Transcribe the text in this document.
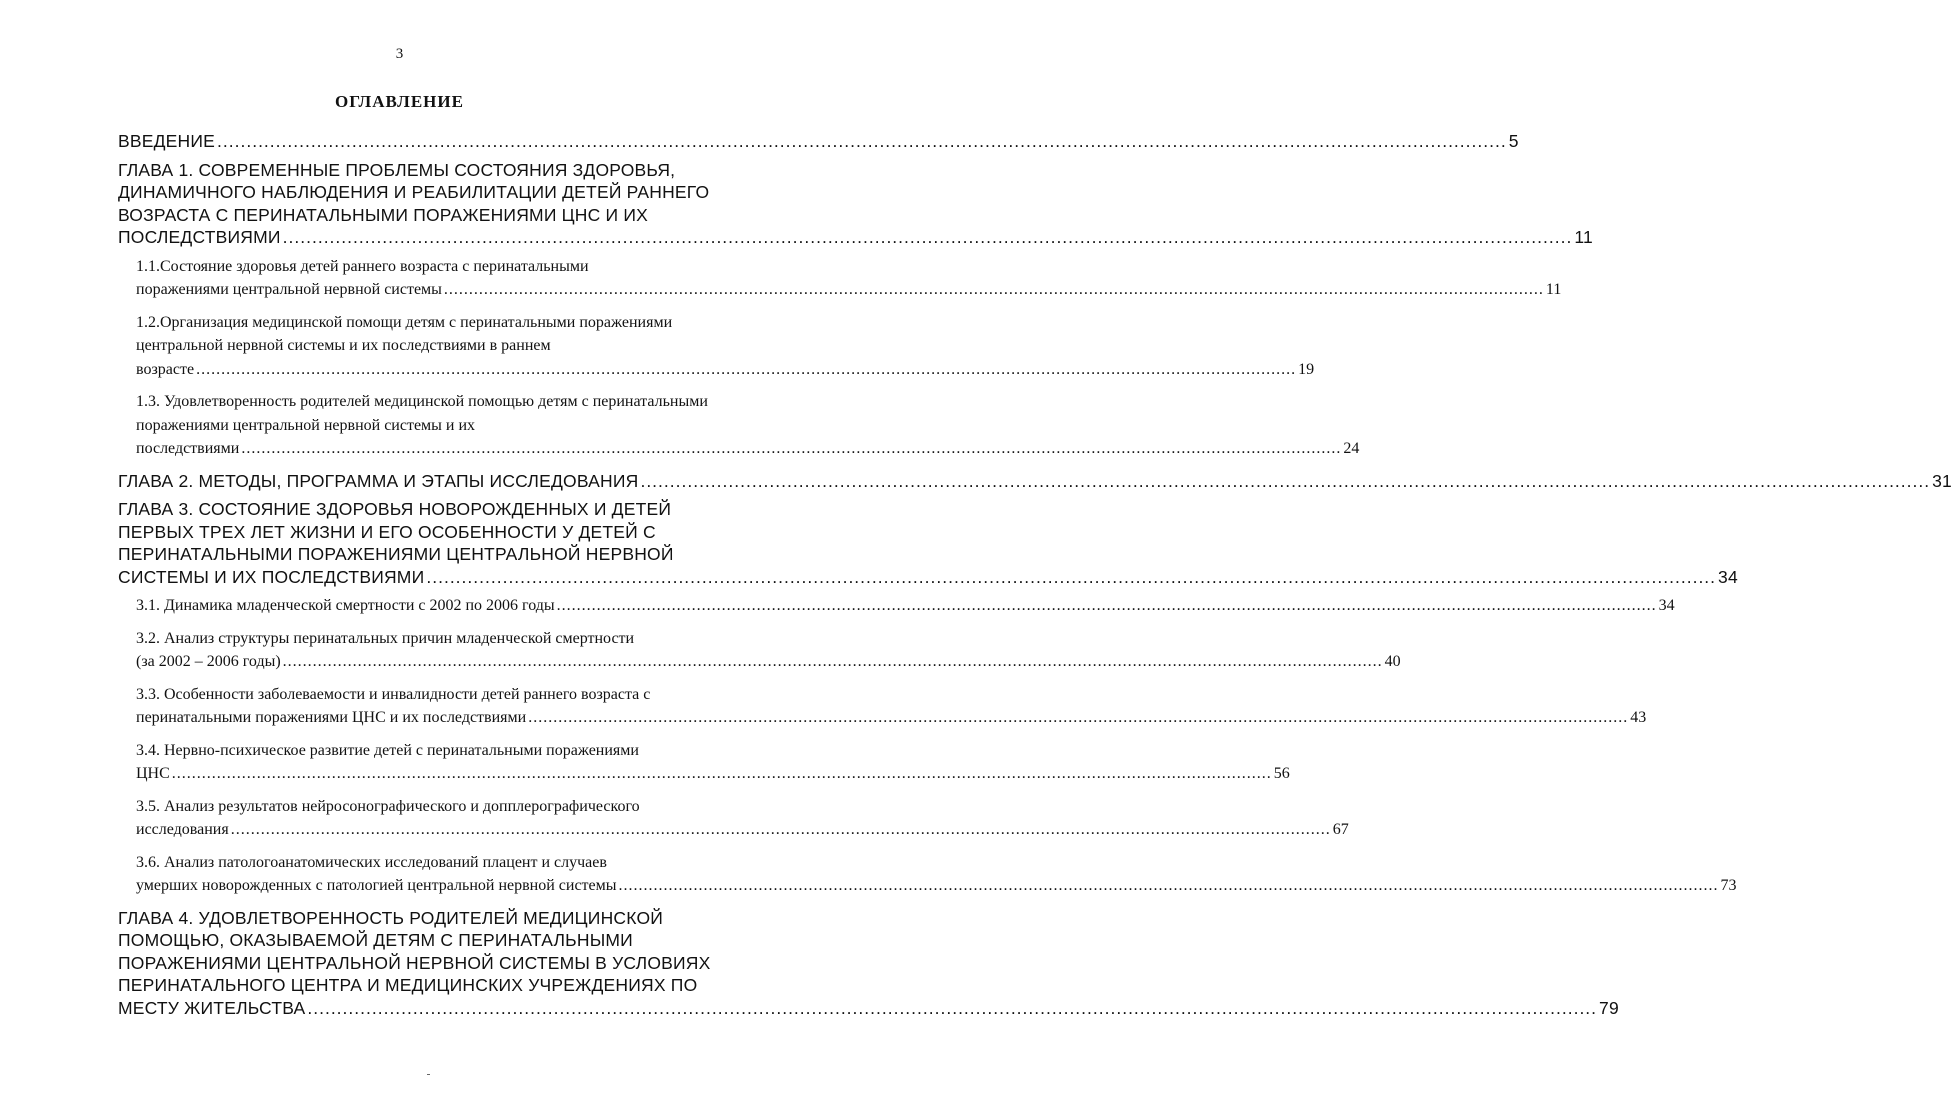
3
ОГЛАВЛЕНИЕ
ВВЕДЕНИЕ ............................................................................................................................................................................................................................ 5
ГЛАВА 1. СОВРЕМЕННЫЕ ПРОБЛЕМЫ СОСТОЯНИЯ ЗДОРОВЬЯ, ДИНАМИЧНОГО НАБЛЮДЕНИЯ И РЕАБИЛИТАЦИИ ДЕТЕЙ РАННЕГО ВОЗРАСТА С ПЕРИНАТАЛЬНЫМИ ПОРАЖЕНИЯМИ ЦНС И ИХ
ПОСЛЕДСТВИЯМИ ............................................................................................................................................................................................................................ 11
1.1.Состояние здоровья детей раннего возраста с перинатальными
поражениями центральной нервной системы ............................................................................................................................................................................................................................ 11
1.2.Организация медицинской помощи детям с перинатальными поражениями центральной нервной системы и их последствиями в раннем
возрасте ............................................................................................................................................................................................................................ 19
1.3. Удовлетворенность родителей медицинской помощью детям с перинатальными поражениями центральной нервной системы и их
последствиями ............................................................................................................................................................................................................................ 24
ГЛАВА 2. МЕТОДЫ, ПРОГРАММА И ЭТАПЫ ИССЛЕДОВАНИЯ ............................................................................................................................................................................................................................ 31
ГЛАВА 3. СОСТОЯНИЕ ЗДОРОВЬЯ НОВОРОЖДЕННЫХ И ДЕТЕЙ ПЕРВЫХ ТРЕХ ЛЕТ ЖИЗНИ И ЕГО ОСОБЕННОСТИ У ДЕТЕЙ С ПЕРИНАТАЛЬНЫМИ ПОРАЖЕНИЯМИ ЦЕНТРАЛЬНОЙ НЕРВНОЙ
СИСТЕМЫ И ИХ ПОСЛЕДСТВИЯМИ ............................................................................................................................................................................................................................ 34
3.1. Динамика младенческой смертности с 2002 по 2006 годы ............................................................................................................................................................................................................................ 34
3.2. Анализ структуры перинатальных причин младенческой смертности
(за 2002 – 2006 годы) ............................................................................................................................................................................................................................ 40
3.3. Особенности заболеваемости и инвалидности детей раннего возраста с
перинатальными поражениями ЦНС и их последствиями ............................................................................................................................................................................................................................ 43
3.4. Нервно-психическое развитие детей с перинатальными поражениями
ЦНС ............................................................................................................................................................................................................................ 56
3.5. Анализ результатов нейросонографического и допплерографического
исследования ............................................................................................................................................................................................................................ 67
3.6. Анализ патологоанатомических исследований плацент и случаев
умерших новорожденных с патологией центральной нервной системы ............................................................................................................................................................................................................................ 73
ГЛАВА 4. УДОВЛЕТВОРЕННОСТЬ РОДИТЕЛЕЙ МЕДИЦИНСКОЙ ПОМОЩЬЮ, ОКАЗЫВАЕМОЙ ДЕТЯМ С ПЕРИНАТАЛЬНЫМИ ПОРАЖЕНИЯМИ ЦЕНТРАЛЬНОЙ НЕРВНОЙ СИСТЕМЫ В УСЛОВИЯХ ПЕРИНАТАЛЬНОГО ЦЕНТРА И МЕДИЦИНСКИХ УЧРЕЖДЕНИЯХ ПО
МЕСТУ ЖИТЕЛЬСТВА ............................................................................................................................................................................................................................ 79
